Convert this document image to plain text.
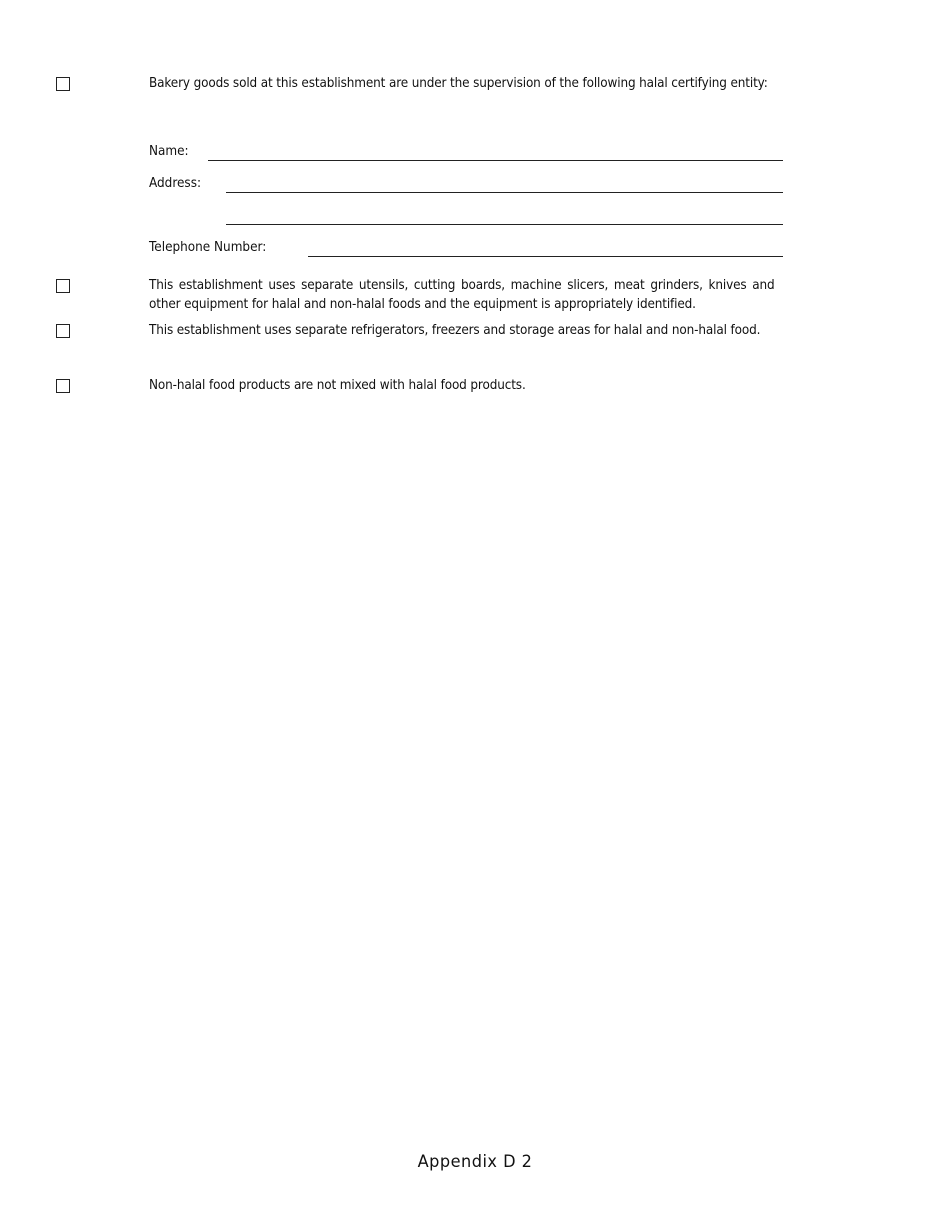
Bakery goods sold at this establishment are under the supervision of the following halal certifying entity:
Name:
Address:
Telephone Number:
This establishment uses separate utensils, cutting boards, machine slicers, meat grinders, knives and other equipment for halal and non-halal foods and the equipment is appropriately identified.
This establishment uses separate refrigerators, freezers and storage areas for halal and non-halal food.
Non-halal food products are not mixed with halal food products.
Appendix D 2
